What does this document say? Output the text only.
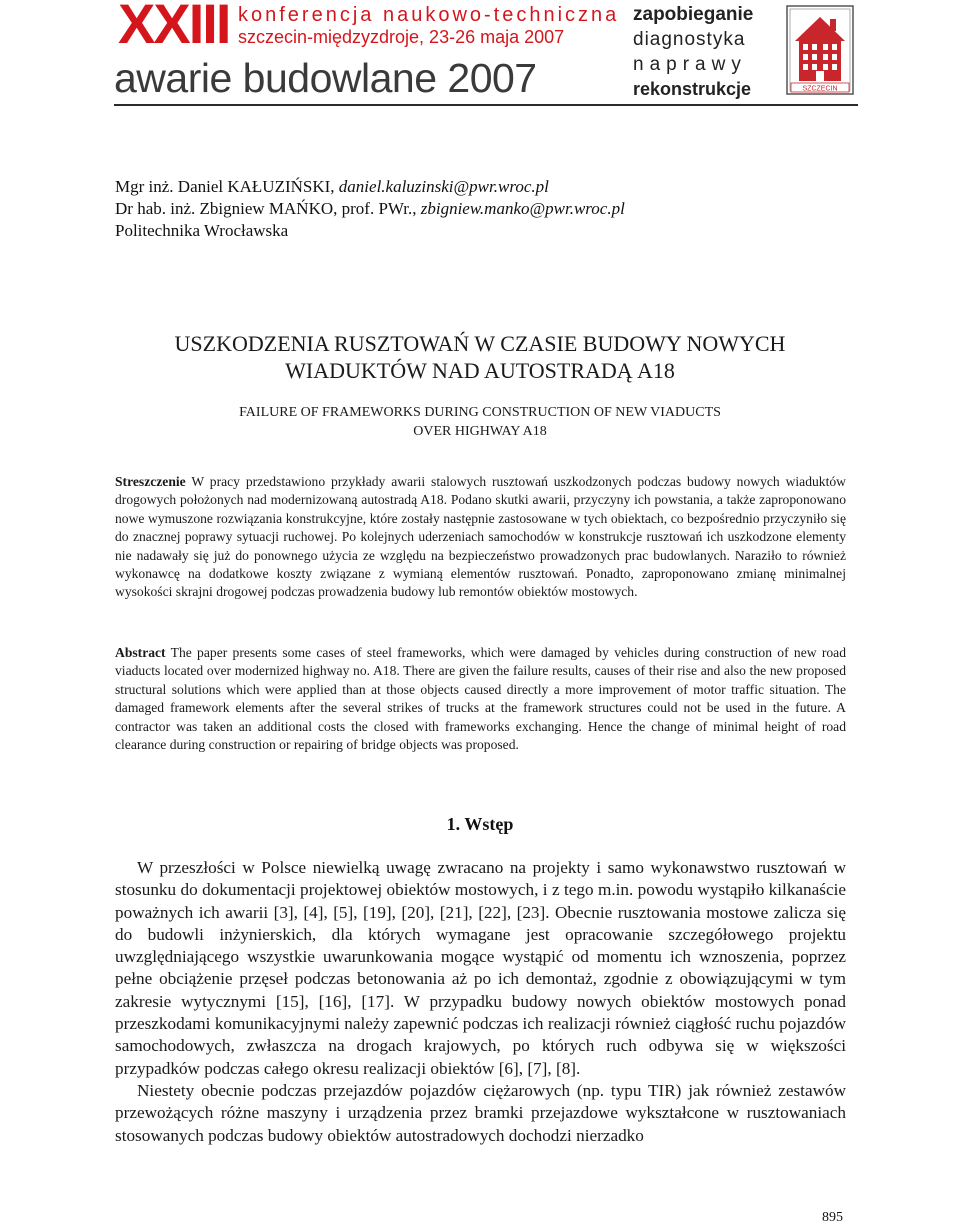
XXIII konferencja naukowo-techniczna
szczecin-międzyzdroje, 23-26 maja 2007
awarie budowlane 2007
zapobieganie
diagnostyka
naprawy
rekonstrukcje	SZCZECIN
Mgr inż. Daniel KAŁUZIŃSKI, daniel.kaluzinski@pwr.wroc.pl
Dr hab. inż. Zbigniew MAŃKO, prof. PWr., zbigniew.manko@pwr.wroc.pl
Politechnika Wrocławska
USZKODZENIA RUSZTOWAŃ W CZASIE BUDOWY NOWYCH
WIADUKTÓW NAD AUTOSTRADĄ A18
FAILURE OF FRAMEWORKS DURING CONSTRUCTION OF NEW VIADUCTS
OVER HIGHWAY A18
Streszczenie W pracy przedstawiono przykłady awarii stalowych rusztowań uszkodzonych podczas budowy nowych wiaduktów drogowych położonych nad modernizowaną autostradą A18. Podano skutki awarii, przyczyny ich powstania, a także zaproponowano nowe wymuszone rozwiązania konstrukcyjne, które zostały następnie zastosowane w tych obiektach, co bezpośrednio przyczyniło się do znacznej poprawy sytuacji ruchowej. Po kolejnych uderzeniach samochodów w konstrukcje rusztowań ich uszkodzone elementy nie nadawały się już do ponownego użycia ze względu na bezpieczeństwo prowadzonych prac budowlanych. Naraziło to również wykonawcę na dodatkowe koszty związane z wymianą elementów rusztowań. Ponadto, zaproponowano zmianę minimalnej wysokości skrajni drogowej podczas prowadzenia budowy lub remontów obiektów mostowych.
Abstract The paper presents some cases of steel frameworks, which were damaged by vehicles during construction of new road viaducts located over modernized highway no. A18. There are given the failure results, causes of their rise and also the new proposed structural solutions which were applied than at those objects caused directly a more improvement of motor traffic situation. The damaged framework elements after the several strikes of trucks at the framework structures could not be used in the future. A contractor was taken an additional costs the closed with frameworks exchanging. Hence the change of minimal height of road clearance during construction or repairing of bridge objects was proposed.
1. Wstęp

W przeszłości w Polsce niewielką uwagę zwracano na projekty i samo wykonawstwo rusztowań w stosunku do dokumentacji projektowej obiektów mostowych, i z tego m.in. powodu wystąpiło kilkanaście poważnych ich awarii [3], [4], [5], [19], [20], [21], [22], [23]. Obecnie rusztowania mostowe zalicza się do budowli inżynierskich, dla których wymagane jest opracowanie szczegółowego projektu uwzględniającego wszystkie uwarunkowania mogące wystąpić od momentu ich wznoszenia, poprzez pełne obciążenie przęseł podczas betonowania aż po ich demontaż, zgodnie z obowiązującymi w tym zakresie wytycznymi [15], [16], [17]. W przypadku budowy nowych obiektów mostowych ponad przeszkodami komunikacyjnymi należy zapewnić podczas ich realizacji również ciągłość ruchu pojazdów samochodowych, zwłaszcza na drogach krajowych, po których ruch odbywa się w większości przypadków podczas całego okresu realizacji obiektów [6], [7], [8].

Niestety obecnie podczas przejazdów pojazdów ciężarowych (np. typu TIR) jak również zestawów przewożących różne maszyny i urządzenia przez bramki przejazdowe wykształcone w rusztowaniach stosowanych podczas budowy obiektów autostradowych dochodzi nierzadko

895
